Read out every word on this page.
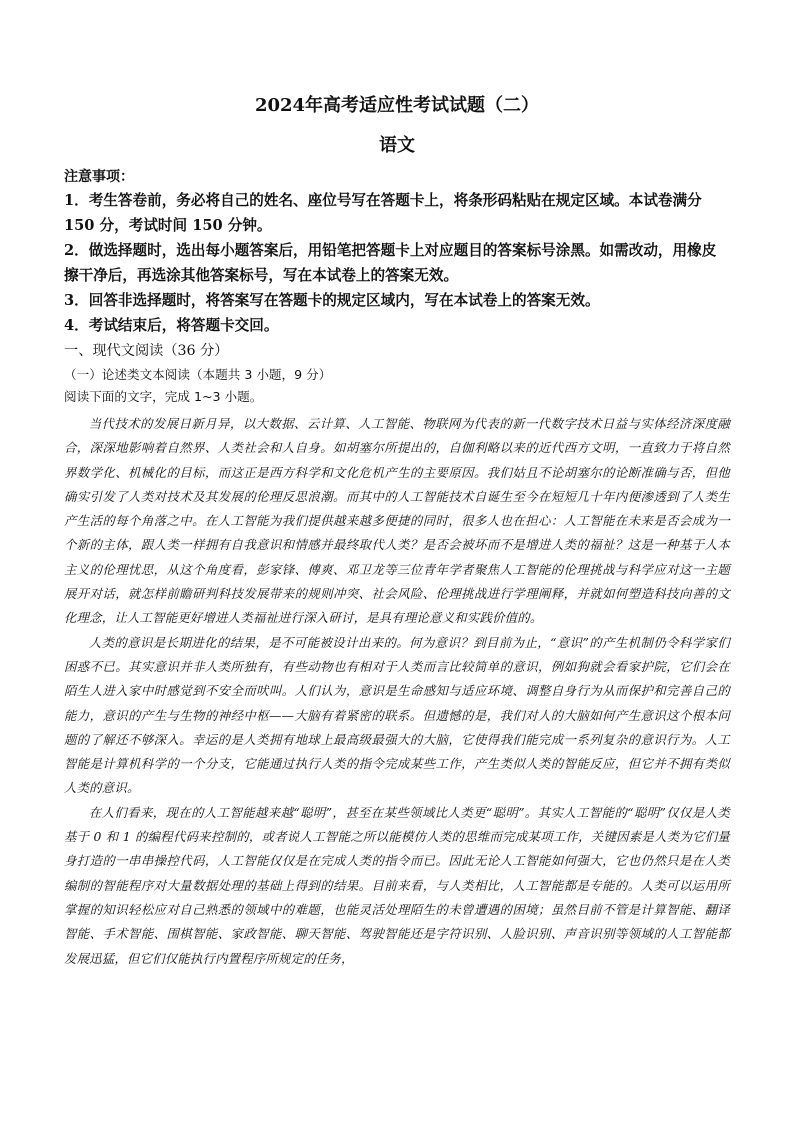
2024年高考适应性考试试题（二）
语文

注意事项：

1．考生答卷前，务必将自己的姓名、座位号写在答题卡上，将条形码粘贴在规定区域。本试卷满分 150 分，考试时间 150 分钟。

2．做选择题时，选出每小题答案后，用铅笔把答题卡上对应题目的答案标号涂黑。如需改动，用橡皮擦干净后，再选涂其他答案标号，写在本试卷上的答案无效。

3．回答非选择题时，将答案写在答题卡的规定区域内，写在本试卷上的答案无效。

4．考试结束后，将答题卡交回。

一、现代文阅读（36 分）

（一）论述类文本阅读（本题共 3 小题，9 分）

阅读下面的文字，完成 1~3 小题。

当代技术的发展日新月异，以大数据、云计算、人工智能、物联网为代表的新一代数字技术日益与实体经济深度融合，深深地影响着自然界、人类社会和人自身。如胡塞尔所提出的，自伽利略以来的近代西方文明，一直致力于将自然界数学化、机械化的目标，而这正是西方科学和文化危机产生的主要原因。我们姑且不论胡塞尔的论断准确与否，但他确实引发了人类对技术及其发展的伦理反思浪潮。而其中的人工智能技术自诞生至今在短短几十年内便渗透到了人类生产生活的每个角落之中。在人工智能为我们提供越来越多便捷的同时，很多人也在担心：人工智能在未来是否会成为一个新的主体，跟人类一样拥有自我意识和情感并最终取代人类？是否会被坏而不是增进人类的福祉？这是一种基于人本主义的伦理忧思，从这个角度看，彭家锋、傅爽、邓卫龙等三位青年学者聚焦人工智能的伦理挑战与科学应对这一主题展开对话，就怎样前瞻研判科技发展带来的规则冲突、社会风险、伦理挑战进行学理阐释，并就如何塑造科技向善的文化理念，让人工智能更好增进人类福祉进行深入研讨，是具有理论意义和实践价值的。

人类的意识是长期进化的结果，是不可能被设计出来的。何为意识？到目前为止，“意识”的产生机制仍令科学家们困惑不已。其实意识并非人类所独有，有些动物也有相对于人类而言比较简单的意识，例如狗就会看家护院，它们会在陌生人进入家中时感觉到不安全而吠叫。人们认为，意识是生命感知与适应环境、调整自身行为从而保护和完善自己的能力，意识的产生与生物的神经中枢——大脑有着紧密的联系。但遗憾的是，我们对人的大脑如何产生意识这个根本问题的了解还不够深入。幸运的是人类拥有地球上最高级最强大的大脑，它使得我们能完成一系列复杂的意识行为。人工智能是计算机科学的一个分支，它能通过执行人类的指令完成某些工作，产生类似人类的智能反应，但它并不拥有类似人类的意识。

在人们看来，现在的人工智能越来越“聪明”，甚至在某些领域比人类更“聪明”。其实人工智能的“聪明”仅仅是人类基于 0 和 1 的编程代码来控制的，或者说人工智能之所以能模仿人类的思维而完成某项工作，关键因素是人类为它们量身打造的一串串操控代码，人工智能仅仅是在完成人类的指令而已。因此无论人工智能如何强大，它也仍然只是在人类编制的智能程序对大量数据处理的基础上得到的结果。目前来看，与人类相比，人工智能都是专能的。人类可以运用所掌握的知识轻松应对自己熟悉的领域中的难题，也能灵活处理陌生的未曾遭遇的困境；虽然目前不管是计算智能、翻译智能、手术智能、围棋智能、家政智能、聊天智能、驾驶智能还是字符识别、人脸识别、声音识别等领域的人工智能都发展迅猛，但它们仅能执行内置程序所规定的任务，
